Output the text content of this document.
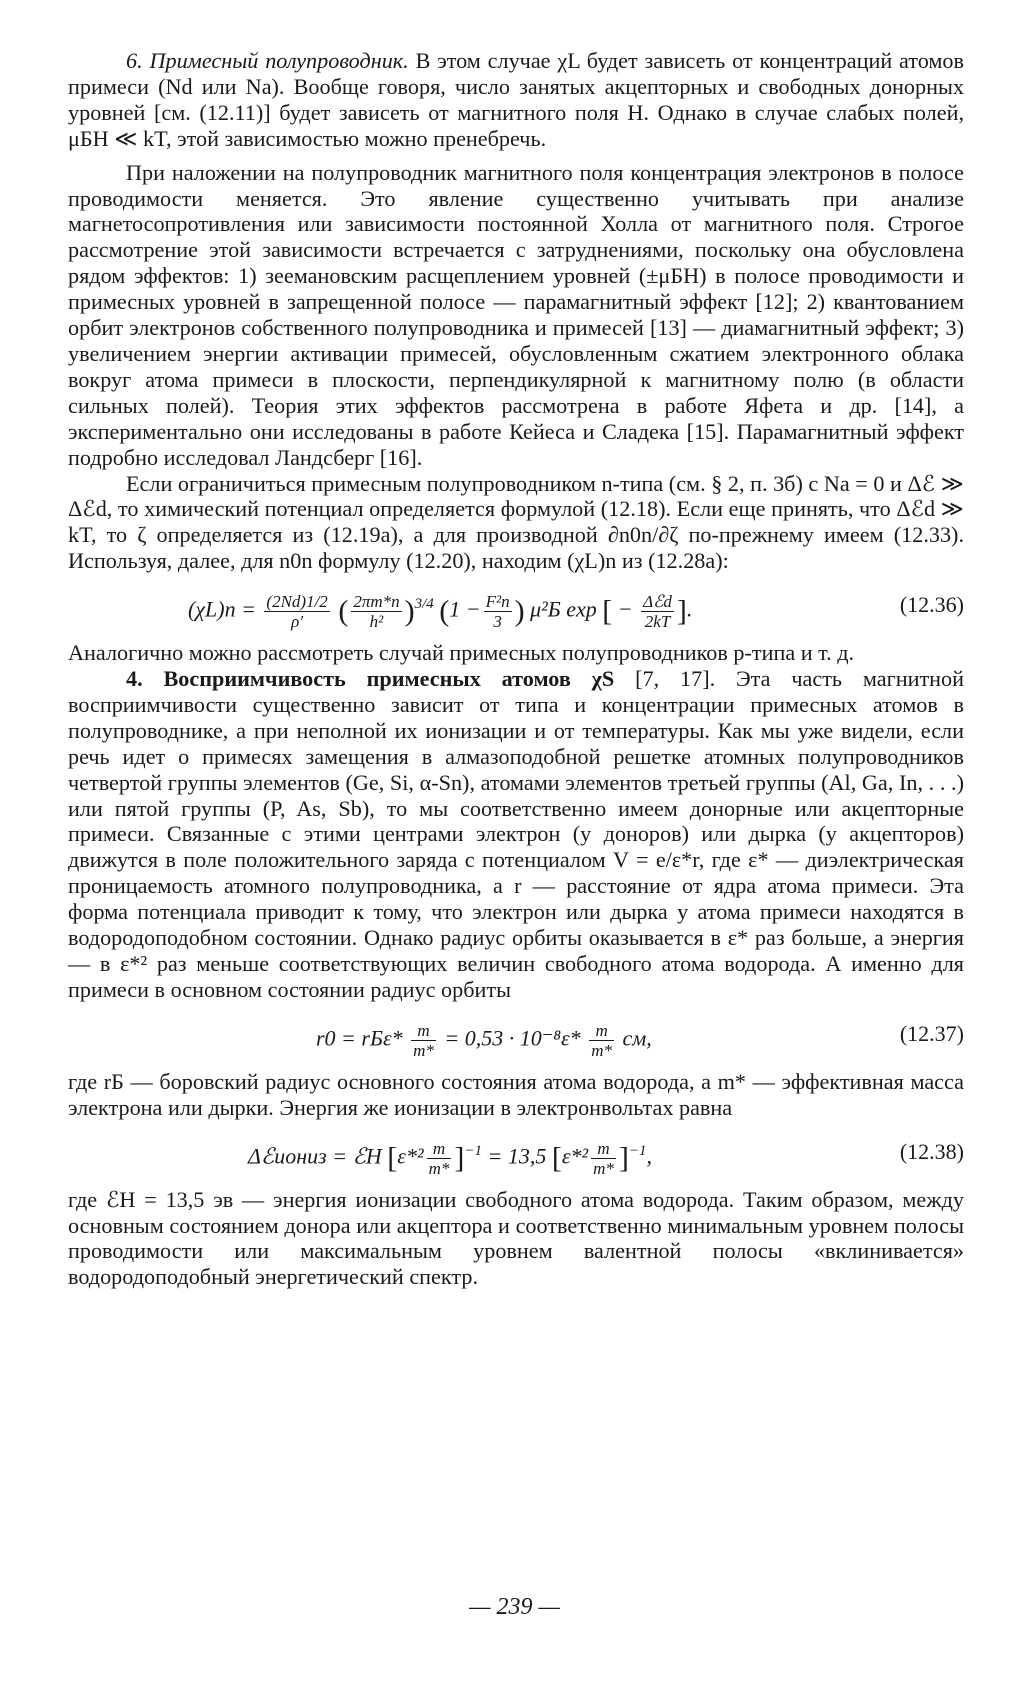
6. Примесный полупроводник. В этом случае χL будет зависеть от концентраций атомов примеси (Nd или Na). Вообще говоря, число занятых акцепторных и свободных донорных уровней [см. (12.11)] будет зависеть от магнитного поля H. Однако в случае слабых полей, μБH ≪ kT, этой зависимостью можно пренебречь.

При наложении на полупроводник магнитного поля концентрация электронов в полосе проводимости меняется. Это явление существенно учитывать при анализе магнетосопротивления или зависимости постоянной Холла от магнитного поля. Строгое рассмотрение этой зависимости встречается с затруднениями, поскольку она обусловлена рядом эффектов: 1) зеемановским расщеплением уровней (±μБH) в полосе проводимости и примесных уровней в запрещенной полосе — парамагнитный эффект [12]; 2) квантованием орбит электронов собственного полупроводника и примесей [13] — диамагнитный эффект; 3) увеличением энергии активации примесей, обусловленным сжатием электронного облака вокруг атома примеси в плоскости, перпендикулярной к магнитному полю (в области сильных полей). Теория этих эффектов рассмотрена в работе Яфета и др. [14], а экспериментально они исследованы в работе Кейеса и Сладека [15]. Парамагнитный эффект подробно исследовал Ландсберг [16].

Если ограничиться примесным полупроводником n-типа (см. § 2, п. 3б) с Na = 0 и Δℰ ≫ Δℰd, то химический потенциал определяется формулой (12.18). Если еще принять, что Δℰd ≫ kT, то ζ определяется из (12.19а), а для производной ∂n0n/∂ζ по-прежнему имеем (12.33). Используя, далее, для n0n формулу (12.20), находим (χL)n из (12.28а):

$(\chi L)n = \frac{(2Nd)1/2}{\rho'}$ ( $\frac{2\pi m*n}{\text{h²}} )^{3/4}$ ($1 - \frac{\text{F²n}}{3}$ ) μ²Б exp [ − $\frac{\text{Δℰd}}{2kT}$ ].	(12.36)

Аналогично можно расcмотреть случай примесных полупроводников p-типа и т. д.

4. Восприимчивость примесных атомов χS [7, 17]. Эта часть магнитной восприимчивости существенно зависит от типа и концентрации примесных атомов в полупроводнике, а при неполной их ионизации и от температуры. Как мы уже видели, если речь идет о примесях замещения в алмазоподобной решетке атомных полупроводников четвертой группы элементов (Ge, Si, α-Sn), атомами элементов третьей группы (Al, Ga, In, . . .) или пятой группы (P, As, Sb), то мы соответственно имеем донорные или акцепторные примеси. Связанные с этими центрами электрон (у доноров) или дырка (у акцепторов) движутся в поле положительного заряда с потенциалом V = e/ε*r, где ε* — диэлектрическая проницаемость атомного полупроводника, а r — расстояние от ядра атома примеси. Эта форма потенциала приводит к тому, что электрон или дырка у атома примеси находятся в водородоподобном состоянии. Однако радиус орбиты оказывается в ε* раз больше, а энергия — в ε*² раз меньше соответствующих величин свободного атома водорода. А именно для примеси в основном состоянии радиус орбиты

$r0 = rБ\varepsilon* \frac{m}{m*} = 0,53 \cdot 10^{-8}\varepsilon* \frac{m}{m*}$ см,	(12.37)

где rБ — боровский радиус основного состояния атома водорода, а m* — эффективная масса электрона или дырки. Энергия же ионизации в электронвольтах равна

Δℰиониз = ℰH $[\varepsilon*^2 \frac{m}{m*} ]^{-1} = 13,5$ $[\varepsilon*^2 \frac{m}{m*} ]^{-1}$,	(12.38)

где ℰH = 13,5 эв — энергия ионизации свободного атома водорода. Таким образом, между основным состоянием донора или акцептора и соответственно минимальным уровнем полосы проводимости или максимальным уровнем валентной полосы «вклинивается» водородоподобный энергетический спектр.

— 239 —
